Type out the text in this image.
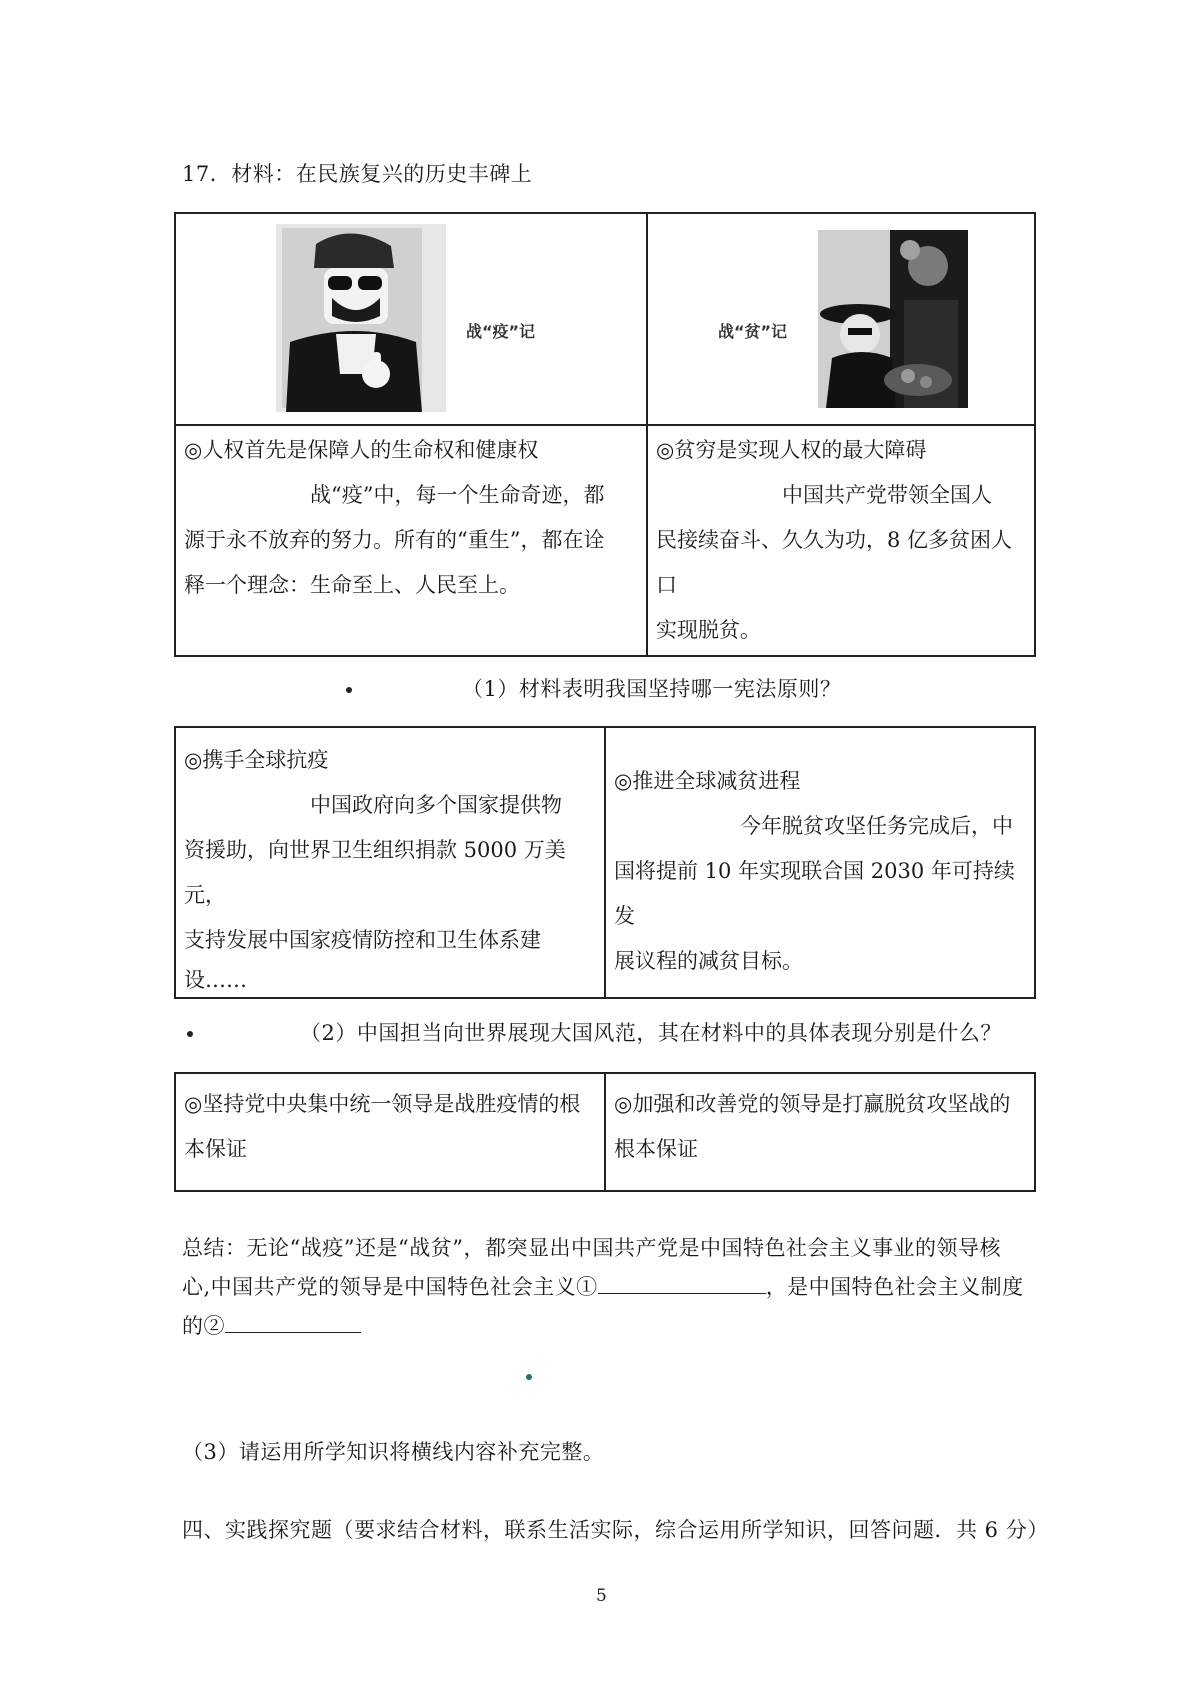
17．材料：在民族复兴的历史丰碑上
战“疫”记	战“贫”记

◎人权首先是保障人的生命权和健康权
战“疫”中，每一个生命奇迹，都
源于永不放弃的努力。所有的“重生”，都在诠
释一个理念：生命至上、人民至上。	◎贫穷是实现人权的最大障碍
中国共产党带领全国人
民接续奋斗、久久为功，8 亿多贫困人口
实现脱贫。
（1）材料表明我国坚持哪一宪法原则？
◎携手全球抗疫
中国政府向多个国家提供物
资援助，向世界卫生组织捐款 5000 万美元，
支持发展中国家疫情防控和卫生体系建
设……

◎推进全球减贫进程
今年脱贫攻坚任务完成后，中
国将提前 10 年实现联合国 2030 年可持续发
展议程的减贫目标。
（2）中国担当向世界展现大国风范，其在材料中的具体表现分别是什么？
◎坚持党中央集中统一领导是战胜疫情的根
本保证

◎加强和改善党的领导是打赢脱贫攻坚战的
根本保证
总结：无论“战疫”还是“战贫”，都突显出中国共产党是中国特色社会主义事业的领导核
心,中国共产党的领导是中国特色社会主义①	，是中国特色社会主义制度
的②
（3）请运用所学知识将横线内容补充完整。
四、实践探究题（要求结合材料，联系生活实际，综合运用所学知识，回答问题．共 6 分）
5
